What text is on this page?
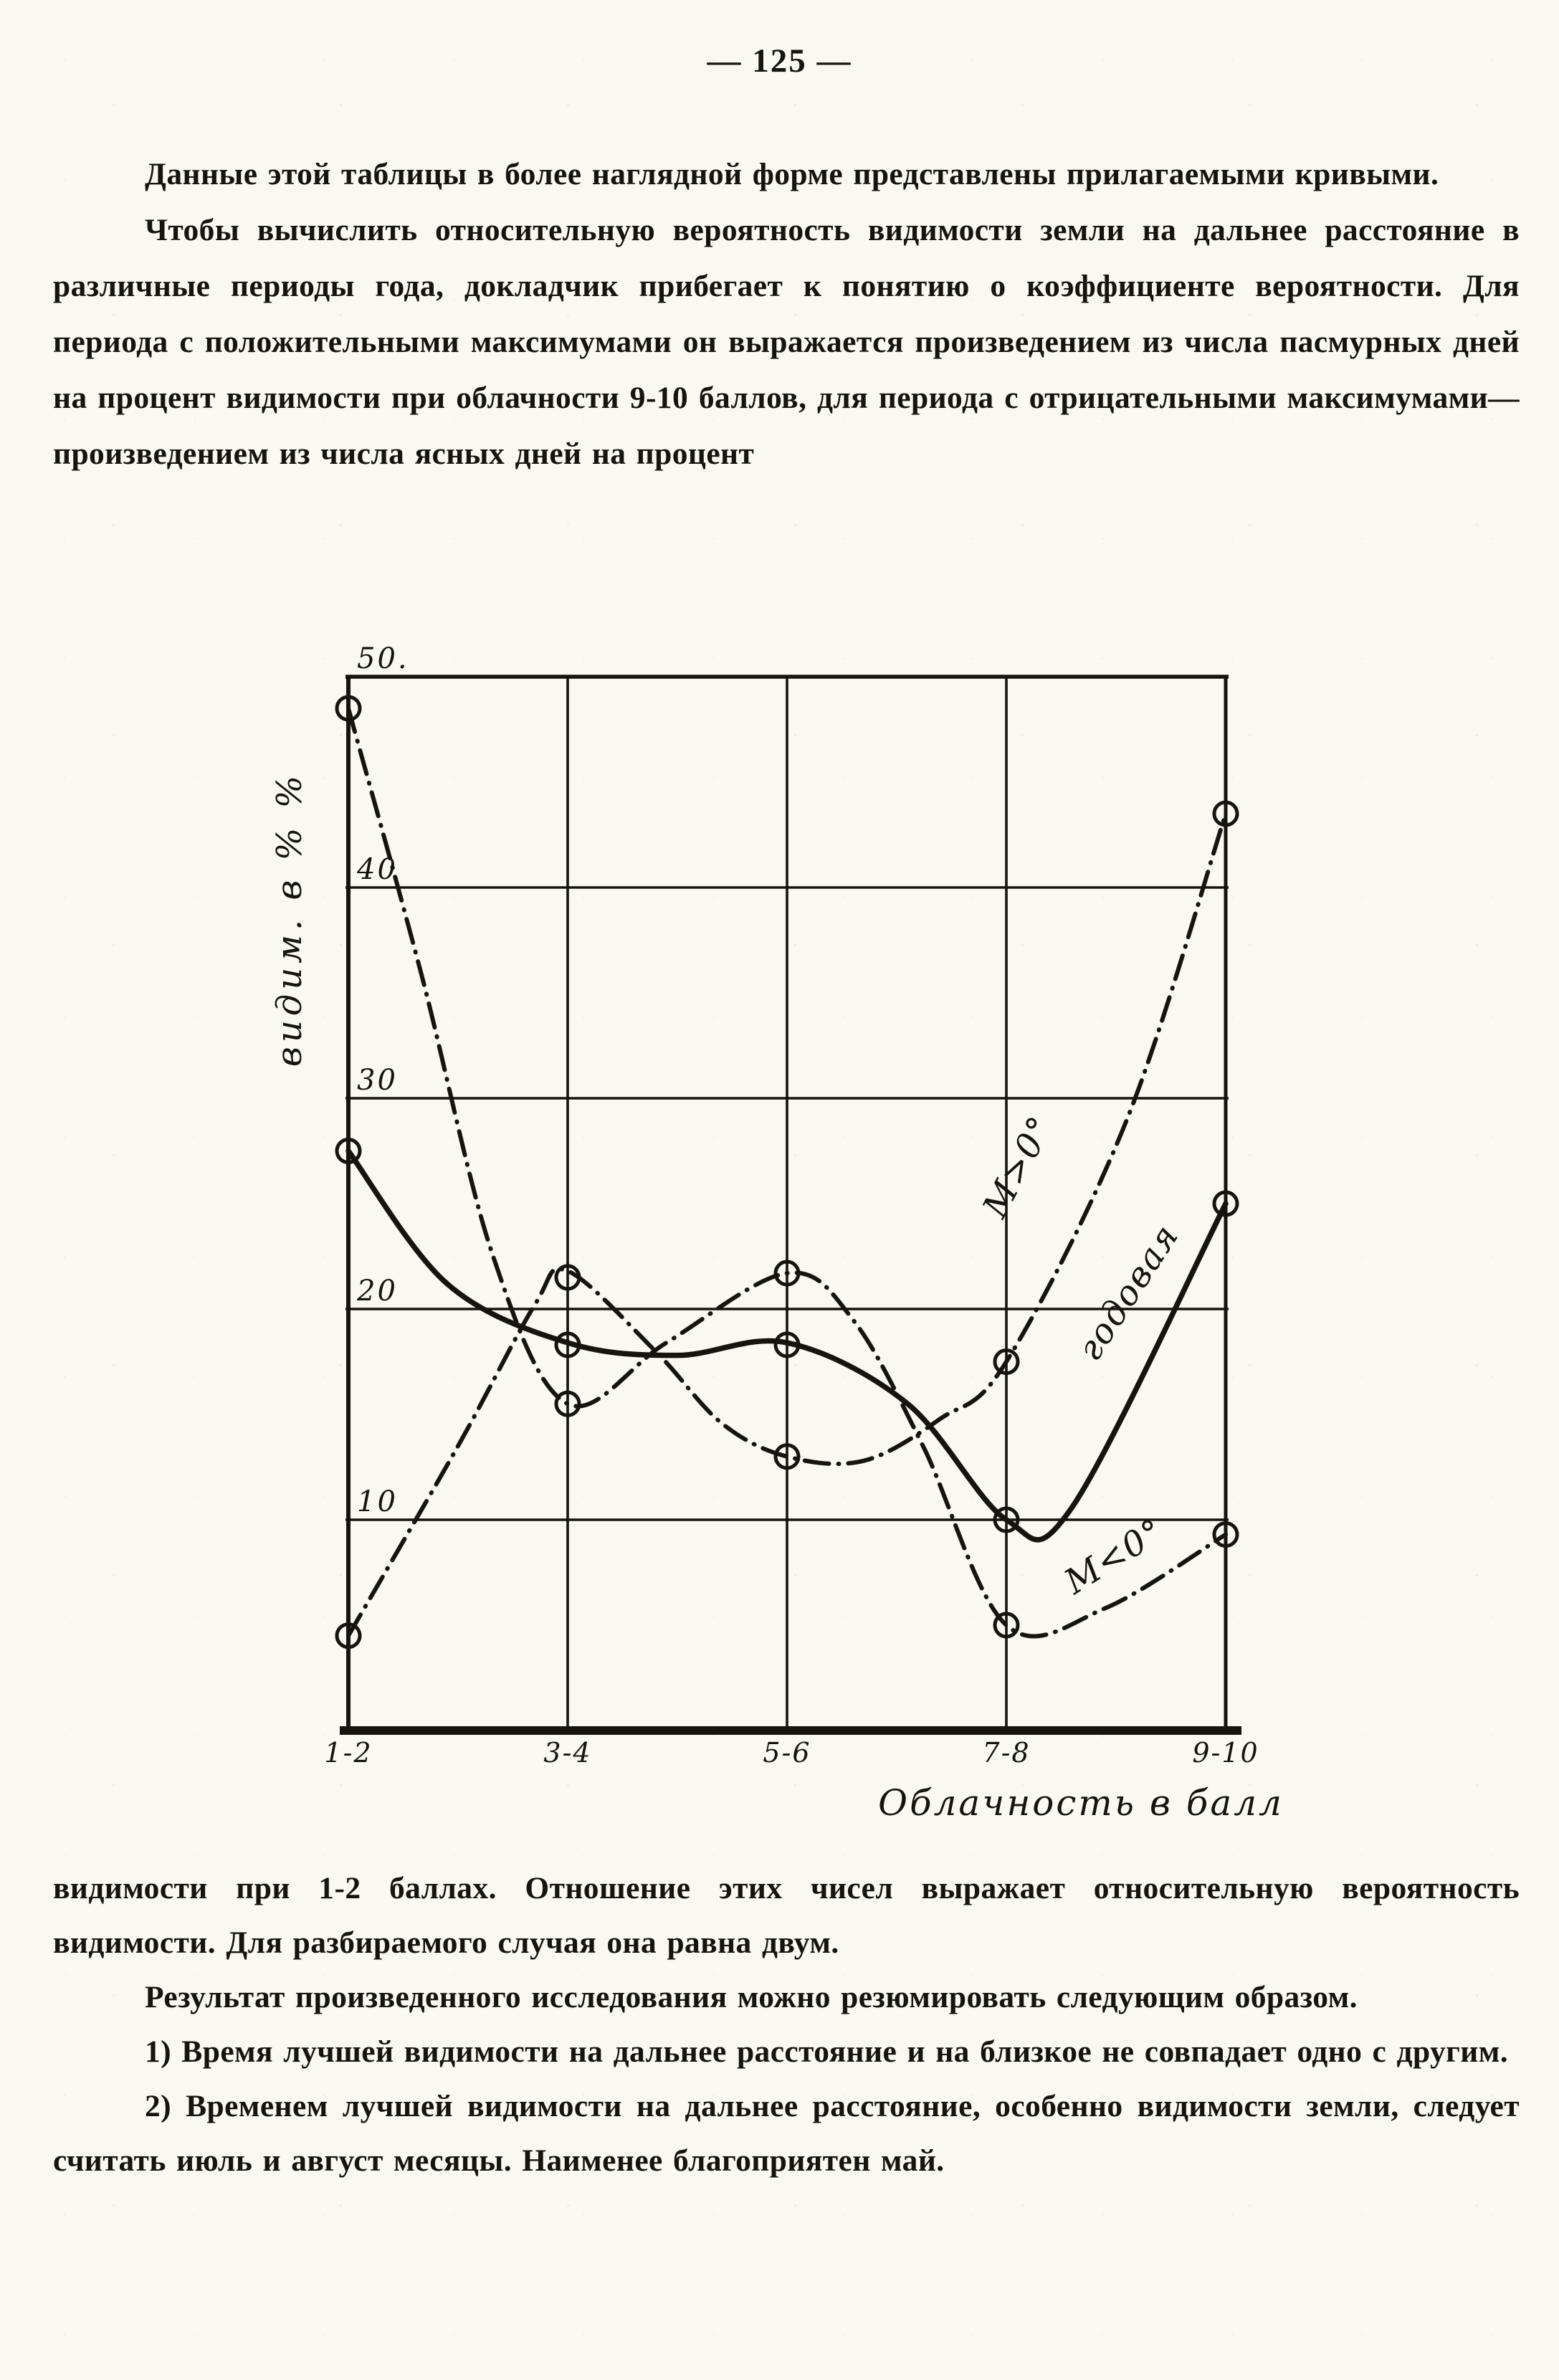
— 125 —

Данные этой таблицы в более наглядной форме представлены прилагаемыми кривыми.

Чтобы вычислить относительную вероятность видимости земли на дальнее расстояние в различные периоды года, докладчик прибегает к понятию о коэффициенте вероятности. Для периода с положительными максимумами он выражается произведением из числа пасмурных дней на процент видимости при облачности 9-10 баллов, для периода с отрицательными максимумами—произведением из числа ясных дней на процент

50.
40
30
20
10
1-2	3-4	5-6	7-8	9-10
Облачность в балл
видим. в % %
М<0°
годовая
М>0°

видимости при 1-2 баллах. Отношение этих чисел выражает относительную вероятность видимости. Для разбираемого случая она равна двум.

Результат произведенного исследования можно резюмировать следующим образом.

1) Время лучшей видимости на дальнее расстояние и на близкое не совпадает одно с другим.

2) Временем лучшей видимости на дальнее расстояние, особенно видимости земли, следует считать июль и август месяцы. Наименее благоприятен май.
